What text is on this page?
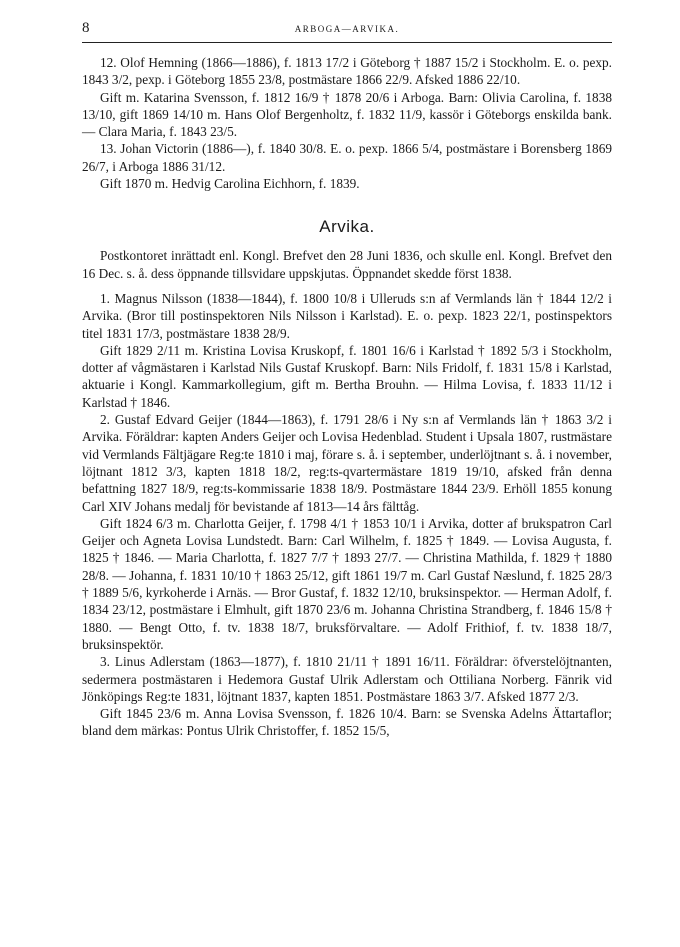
8	ARBOGA—ARVIKA.

12. Olof Hemning (1866—1886), f. 1813 17/2 i Göteborg † 1887 15/2 i Stockholm. E. o. pexp. 1843 3/2, pexp. i Göteborg 1855 23/8, postmästare 1866 22/9. Afsked 1886 22/10.

Gift m. Katarina Svensson, f. 1812 16/9 † 1878 20/6 i Arboga. Barn: Olivia Carolina, f. 1838 13/10, gift 1869 14/10 m. Hans Olof Bergenholtz, f. 1832 11/9, kassör i Göteborgs enskilda bank. — Clara Maria, f. 1843 23/5.

13. Johan Victorin (1886—), f. 1840 30/8. E. o. pexp. 1866 5/4, postmästare i Borensberg 1869 26/7, i Arboga 1886 31/12.

Gift 1870 m. Hedvig Carolina Eichhorn, f. 1839.

Arvika.

Postkontoret inrättadt enl. Kongl. Brefvet den 28 Juni 1836, och skulle enl. Kongl. Brefvet den 16 Dec. s. å. dess öppnande tillsvidare uppskjutas. Öppnandet skedde först 1838.

1. Magnus Nilsson (1838—1844), f. 1800 10/8 i Ulleruds s:n af Vermlands län † 1844 12/2 i Arvika. (Bror till postinspektoren Nils Nilsson i Karlstad). E. o. pexp. 1823 22/1, postinspektors titel 1831 17/3, postmästare 1838 28/9.

Gift 1829 2/11 m. Kristina Lovisa Kruskopf, f. 1801 16/6 i Karlstad † 1892 5/3 i Stockholm, dotter af vågmästaren i Karlstad Nils Gustaf Kruskopf. Barn: Nils Fridolf, f. 1831 15/8 i Karlstad, aktuarie i Kongl. Kammarkollegium, gift m. Bertha Brouhn. — Hilma Lovisa, f. 1833 11/12 i Karlstad † 1846.

2. Gustaf Edvard Geijer (1844—1863), f. 1791 28/6 i Ny s:n af Vermlands län † 1863 3/2 i Arvika. Föräldrar: kapten Anders Geijer och Lovisa Hedenblad. Student i Upsala 1807, rustmästare vid Vermlands Fältjägare Reg:te 1810 i maj, förare s. å. i september, underlöjtnant s. å. i november, löjtnant 1812 3/3, kapten 1818 18/2, reg:ts-qvartermästare 1819 19/10, afsked från denna befattning 1827 18/9, reg:ts-kommissarie 1838 18/9. Postmästare 1844 23/9. Erhöll 1855 konung Carl XIV Johans medalj för bevistande af 1813—14 års fälttåg.

Gift 1824 6/3 m. Charlotta Geijer, f. 1798 4/1 † 1853 10/1 i Arvika, dotter af brukspatron Carl Geijer och Agneta Lovisa Lundstedt. Barn: Carl Wilhelm, f. 1825 † 1849. — Lovisa Augusta, f. 1825 † 1846. — Maria Charlotta, f. 1827 7/7 † 1893 27/7. — Christina Mathilda, f. 1829 † 1880 28/8. — Johanna, f. 1831 10/10 † 1863 25/12, gift 1861 19/7 m. Carl Gustaf Næslund, f. 1825 28/3 † 1889 5/6, kyrkoherde i Arnäs. — Bror Gustaf, f. 1832 12/10, bruksinspektor. — Herman Adolf, f. 1834 23/12, postmästare i Elmhult, gift 1870 23/6 m. Johanna Christina Strandberg, f. 1846 15/8 † 1880. — Bengt Otto, f. tv. 1838 18/7, bruksförvaltare. — Adolf Frithiof, f. tv. 1838 18/7, bruksinspektör.

3. Linus Adlerstam (1863—1877), f. 1810 21/11 † 1891 16/11. Föräldrar: öfverstelöjtnanten, sedermera postmästaren i Hedemora Gustaf Ulrik Adlerstam och Ottiliana Norberg. Fänrik vid Jönköpings Reg:te 1831, löjtnant 1837, kapten 1851. Postmästare 1863 3/7. Afsked 1877 2/3.

Gift 1845 23/6 m. Anna Lovisa Svensson, f. 1826 10/4. Barn: se Svenska Adelns Ättartaflor; bland dem märkas: Pontus Ulrik Christoffer, f. 1852 15/5,
